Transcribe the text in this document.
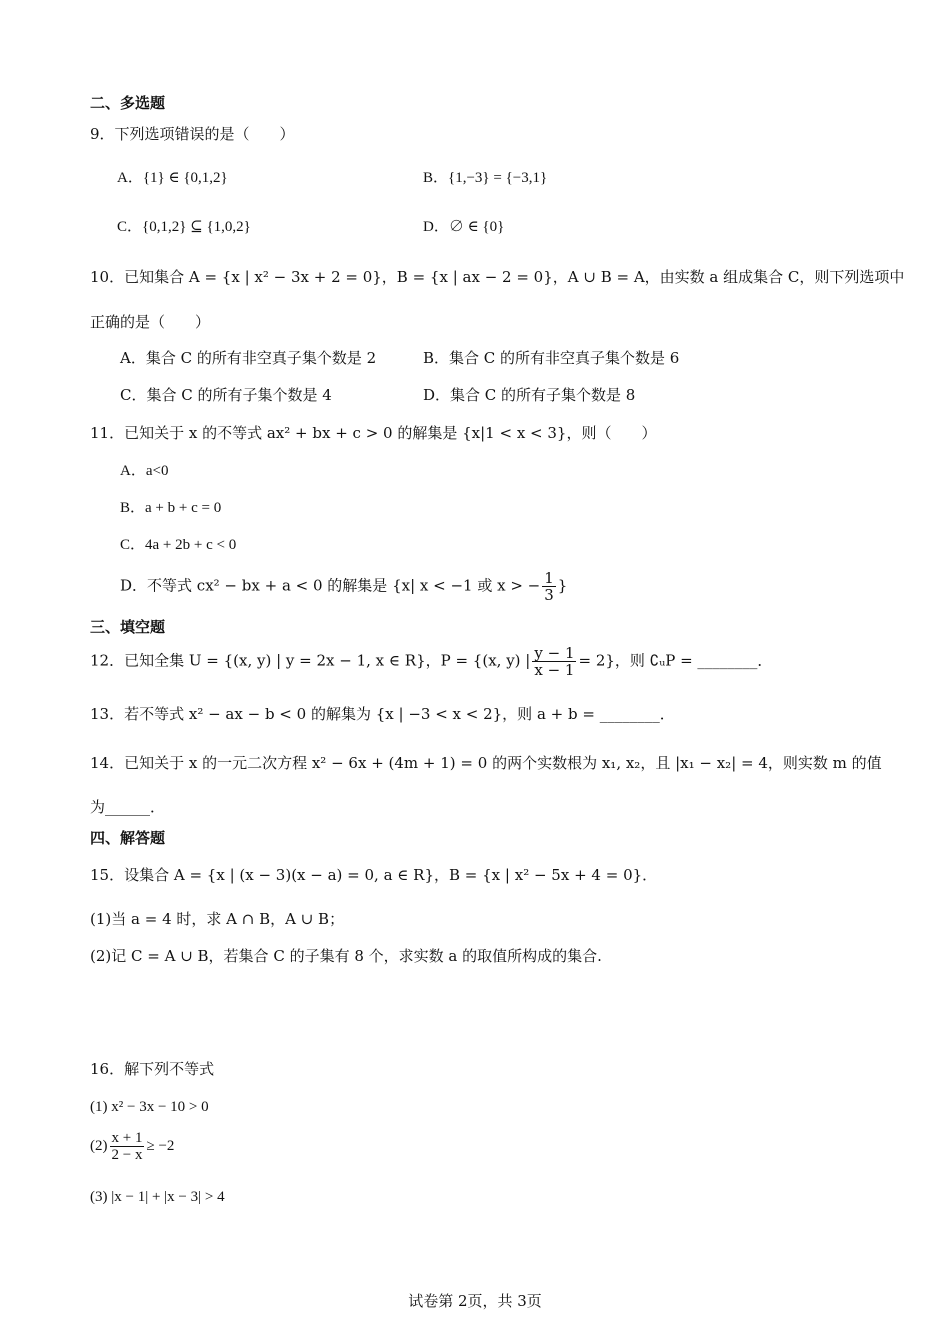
二、多选题
9．下列选项错误的是（　　）
A．{1} ∈ {0,1,2}	B．{1,−3} = {−3,1}
C．{0,1,2} ⊆ {1,0,2}	D．∅ ∈ {0}
10．已知集合 A = {x | x² − 3x + 2 = 0}，B = {x | ax − 2 = 0}，A ∪ B = A，由实数 a 组成集合 C，则下列选项中
正确的是（　　）
A．集合 C 的所有非空真子集个数是 2	B．集合 C 的所有非空真子集个数是 6
C．集合 C 的所有子集个数是 4	D．集合 C 的所有子集个数是 8
11．已知关于 x 的不等式 ax² + bx + c > 0 的解集是 {x|1 < x < 3}，则（　　）
A．a<0
B．a + b + c = 0
C．4a + 2b + c < 0
D．不等式 cx² − bx + a < 0 的解集是 {x| x < −1 或 x > − $\frac{1}{3}$ }
三、填空题
12．已知全集 U = {(x, y) | y = 2x − 1, x ∈ R}，P = {(x, y) | $\frac{y - 1}{x - 1} = 2$}，则 ∁ᵤP = ________．
13．若不等式 x² − ax − b < 0 的解集为 {x | −3 < x < 2}，则 a + b = ________．
14．已知关于 x 的一元二次方程 x² − 6x + (4m + 1) = 0 的两个实数根为 x₁, x₂，且 |x₁ − x₂| = 4，则实数 m 的值
为______．
四、解答题
15．设集合 A = {x | (x − 3)(x − a) = 0, a ∈ R}，B = {x | x² − 5x + 4 = 0}．
(1)当 a = 4 时，求 A ∩ B，A ∪ B；
(2)记 C = A ∪ B，若集合 C 的子集有 8 个，求实数 a 的取值所构成的集合.
16．解下列不等式
(1) x² − 3x − 10 > 0
$(2) \frac{x + 1}{2 - x} \ge -2$
(3) |x − 1| + |x − 3| > 4
试卷第 2页，共 3页
